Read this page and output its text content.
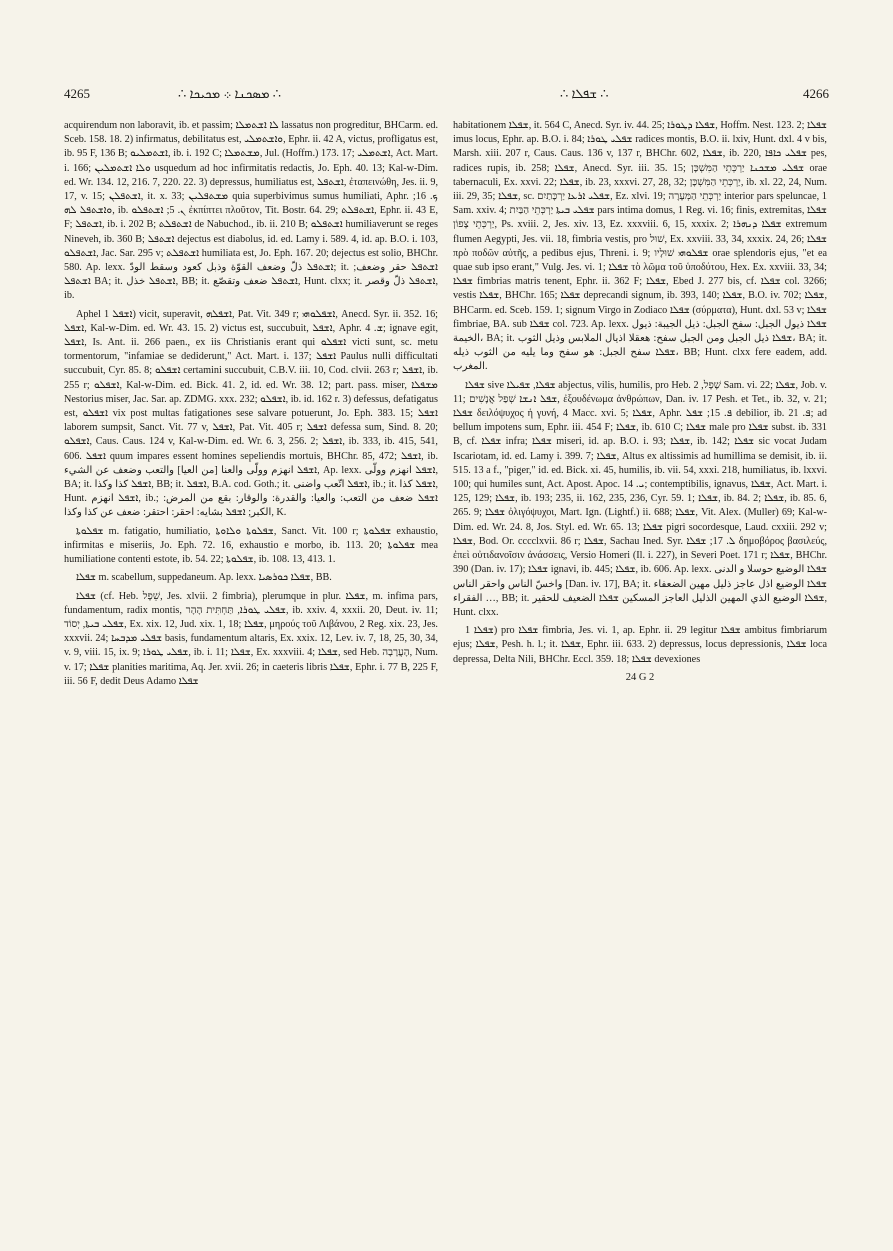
4265	∴ ܡܣܟܢܐ ܀ ܡܟܝܟܐ ∴	∴ ܫܦܠܐ ∴	4266

acquirendum non laboravit, ib. et passim; ܠܐ ܐܫܬܡܠܐ lassatus non progreditur, BHCarm. ed. Sceb. 158. 18. 2) infirmatus, debilitatus est, ܘܐܫܬܡܠܝ, Ephr. ii. 42 A, victus, profligatus est, ib. 95 F, 136 B; ܐܫܬܡܠܝܘ, ib. i. 192 C; ܡܫܬܡܠܐ, Jul. (Hoffm.) 173. 17; ܐܫܬܡܠܝ, Act. Mart. i. 166; ܘܠܐ ܐܫܬܡܠܝܢ usquedum ad hoc infirmitatis redactis, Jo. Eph. 40. 13; Kal-w-Dim. ed. Wr. 134. 12, 216. 7, 220. 22. 3) depressus, humiliatus est, ܐܫܬܦܠ, ἐταπεινώθη, Jes. ii. 9, 17, v. 15; ܐܫܬܦܠܢ, it. x. 33; ܡܫܬܦܠܝܢ quia superbivimus sumus humiliati, Aphr. ܟ. 16; ܘܐܫܬܦܠ ܠܗ, ib. ܢ. 5; ܐܫܬܦܠܘ ἐκπίπτει πλοῦτον, Tit. Bostr. 64. 29; ܐܫܬܦܠܬ, Ephr. ii. 43 E, F; ܐܫܬܦܠ, ib. i. 202 B; ܐܫܬܦܠܬ de Nabuchod., ib. ii. 210 B; ܐܫܬܦܠܘ humiliaverunt se reges Nineveh, ib. 360 B; ܐܫܬܦܠ dejectus est diabolus, id. ed. Lamy i. 589. 4, id. ap. B.O. i. 103, ܐܫܬܦܠܘ, Jac. Sar. 295 v; ܐܫܬܦܠܬ humiliata est, Jo. Eph. 167. 20; dejectus est solio, BHChr. 580. Ap. lexx. ܐܫܬܦܠ ذلّ وضعف القوّة وذبل كعود وسقط الودّ; it. ܐܫܬܦܠ حقر وضعف; ܐܫܬܦܠ BA; it. ܐܫܬܦܠ خذل, BB; it. ܐܫܬܦܠ ضعف وتقصّع, Hunt. clxx; it. ܐܫܬܦܠ ذلّ وقصر, ib.

Aphel ܐܫܦܠ 1) vicit, superavit, ܐܫܦܠܗ, Pat. Vit. 349 r; ܐܫܦܠܘܗܝ, Anecd. Syr. ii. 352. 16; ܐܫܦܠ, Kal-w-Dim. ed. Wr. 43. 15. 2) victus est, succubuit, ܐܫܦܠ, Aphr. ܫ. 4; ignave egit, ܐܫܦܠ, Is. Ant. ii. 266 paen., ex iis Christianis erant qui ܐܫܦܠܘ victi sunt, sc. metu tormentorum, "infamiae se dediderunt," Act. Mart. i. 137; ܐܫܦܠ Paulus nulli difficultati succubuit, Cyr. 85. 8; ܐܫܦܠܘ certamini succubuit, C.B.V. iii. 10, Cod. clvii. 263 r; ܐܫܦܠ, ib. 255 r; ܐܫܦܠܘ, Kal-w-Dim. ed. Bick. 41. 2, id. ed. Wr. 38. 12; part. pass. miser, ܡܫܦܠܐ Nestorius miser, Jac. Sar. ap. ZDMG. xxx. 232; ܐܫܦܠܘ, ib. id. 162 r. 3) defessus, defatigatus est, ܐܫܦܠܘ vix post multas fatigationes sese salvare potuerunt, Jo. Eph. 383. 15; ܐܫܦܠ laborem sumpsit, Sanct. Vit. 77 v, ܐܫܦܠ, Pat. Vit. 405 r; ܐܫܦܠ defessa sum, Sind. 8. 20; ܐܫܦܠܘ, Caus. Caus. 124 v, Kal-w-Dim. ed. Wr. 6. 3, 256. 2; ܐܫܦܠ, ib. 333, ib. 415, 541, 606. ܐܫܦܠ quum impares essent homines sepeliendis mortuis, BHChr. 85, 472; ܐܫܦܠ, ib. ܐܫܦܠ انهزم وولّى والعنا [من العيا] والتعب وضعف عن الشيء, Ap. lexx. ܐܫܦܠ انهزم وولّى, BA; it. ܐܫܦܠ كذا وكذا, BB; it. ܐܫܦܠ, B.A. cod. Goth.; it. ܐܫܦܠ اتّعب واضنى, ib.; it. ܐܫܦܠ كذا, Hunt. ܐܫܦܠ انهزم, ib.; ܐܫܦܠ ضعف من التعب: والعيا: والقدرة: والوقار: بقع من المرض: الكبر; ܐܫܦܠ بشايه: احقر: احتقر: ضعف عن كذا وكذا, K.

ܫܦܠܘܬܐ m. fatigatio, humiliatio, ܫܦܠܘܬܐ ܘܠܐܘܬܐ, Sanct. Vit. 100 r; ܫܦܠܘܬܐ exhaustio, infirmitas e miseriis, Jo. Eph. 72. 16, exhaustio e morbo, ib. 113. 20; ܫܦܠܘܬܐ mea humiliatione contenti estote, ib. 54. 22; ܫܦܠܘܬܐ, ib. 108. 13, 413. 1.

ܫܦܠܐ m. scabellum, suppedaneum. Ap. lexx. ܫܦܠܐ ܟܘܪܣܝܐ, BB.

ܫܦܠܐ (cf. Heb. שֵׁפֶל, Jes. xlvii. 2 fimbria), plerumque in plur. ܫܦܠܐ, m. infima pars, fundamentum, radix montis, ܫܦܠܝ ܛܘܪܐ, תַּחְתִּית הָהָר, ib. xxiv. 4, xxxii. 20, Deut. iv. 11; ܫܦܠܝ ܒܝܬܐ, יְסוֹד, Ex. xix. 12, Jud. xix. 1, 18; ܫܦܠܐ, μηρούς τοῦ Λιβάνου, 2 Reg. xix. 23, Jes. xxxvii. 24; ܫܦܠܝ ܡܕܒܚܐ basis, fundamentum altaris, Ex. xxix. 12, Lev. iv. 7, 18, 25, 30, 34, v. 9, viii. 15, ix. 9; ܫܦܠܝ ܛܘܪܐ, ib. i. 11; ܫܦܠܐ, Ex. xxxviii. 4; ܫܦܠܐ, sed Heb. הָעֲרָבָה, Num. v. 17; ܫܦܠܐ planities maritima, Aq. Jer. xvii. 26; in caeteris libris ܫܦܠܐ, Ephr. i. 77 B, 225 F, iii. 56 F, dedit Deus Adamo ܫܦܠܐ

habitationem ܫܦܠܐ, it. 564 C, Anecd. Syr. iv. 44. 25; ܫܦܠܐ ܕܛܘܪܐ, Hoffm. Nest. 123. 2; ܫܦܠܐ imus locus, Ephr. ap. B.O. i. 84; ܫܦܠܝ ܛܘܪܐ radices montis, B.O. ii. lxiv, Hunt. dxl. 4 v bis, Marsh. xiii. 207 r, Caus. Caus. 136 v, 137 r, BHChr. 602, ܫܦܠܐ, ib. 220, ܫܦܠܝ ܟܐܦܐ pes, radices rupis, ib. 258; ܫܦܠܐ, Anecd. Syr. iii. 35. 15; ܫܦܠܝ ܡܫܟܢܐ יַרְכְּתֵי הַמִּשְׁכָּן orae tabernaculi, Ex. xxvi. 22; ܫܦܠܐ, ib. 23, xxxvi. 27, 28, 32; יַרְכְּתֵי הַמִּשְׁכָּן, ib. xl. 22, 24, Num. iii. 29, 35; ܫܦܠܐ, sc. ܫܦܠܝ ܐܪܥܐ יַרְכָּתַיִם, Ez. xlvi. 19; יַרְכְּתֵי הַמְּעָרָה interior pars speluncae, 1 Sam. xxiv. 4; ܫܦܠܝ ܒܝܬܐ יַרְכְּתֵי הַבַּיִת pars intima domus, 1 Reg. vi. 16; finis, extremitas, ܫܦܠܐ יַרְכְּתֵי צָפוֹן, Ps. xviii. 2, Jes. xiv. 13, Ez. xxxviii. 6, 15, xxxix. 2; ܫܦܠܐ ܕܢܗܪܐ extremum flumen Aegypti, Jes. vii. 18, fimbria vestis, pro שׁוּל, Ex. xxviii. 33, 34, xxxix. 24, 26; ܫܦܠܐ πρὸ ποδῶν αὐτῆς, a pedibus ejus, Threni. i. 9; ܫܦܠܘܗܝ שׁוּלָיו orae splendoris ejus, "et ea quae sub ipso erant," Vulg. Jes. vi. 1; ܫܦܠܐ τὸ λῶμα τοῦ ὑποδύτου, Hex. Ex. xxviii. 33, 34; ܫܦܠܐ fimbrias matris tenent, Ephr. ii. 362 F; ܫܦܠܐ, Ebed J. 277 bis, cf. ܫܦܠܐ col. 3266; vestis ܫܦܠܐ, BHChr. 165; ܫܦܠܐ deprecandi signum, ib. 393, 140; ܫܦܠܐ, B.O. iv. 702; ܫܦܠܐ, BHCarm. ed. Sceb. 159. 1; signum Virgo in Zodiaco ܫܦܠܐ (σύρματα), Hunt. dxl. 53 v; ܫܦܠܐ fimbriae, BA. sub ܫܦܠܐ col. 723. Ap. lexx. ܫܦܠܐ ذيول الجبل: سفح الجبل: ذيل الجيبة: ذيول الخيمة، BA; it. ܫܦܠܐ ذيل الجبل ومن الجبل سفح: هعقلا اذيال الملابس وذيل الثوب، BA; it. ܫܦܠܐ سفح الجبل: هو سفح وما يليه من الثوب ذيله، BB; Hunt. clxx fere eadem, add. المغرب.

ܫܦܠܐ sive ܫܦܠܐ, ܫܦܝܠܐ abjectus, vilis, humilis, pro Heb. שָׁפָל, 2 Sam. vi. 22; ܫܦܠܐ, Job. v. 11; ܫܦܠ ܐܢܫܐ שְׁפַל אֲנָשִׁים, ἐξουδένωμα ἀνθρώπων, Dan. iv. 17 Pesh. et Tet., ib. 32, v. 21; ܫܦܠܐ δειλόψυχος ἡ γυνή, 4 Macc. xvi. 5; ܫܦܠܐ, Aphr. ܦ. 15; ܫܦܠ debilior, ib. ܦ. 21; ad bellum impotens sum, Ephr. iii. 454 F; ܫܦܠܐ, ib. 610 C; ܫܦܠܐ male pro ܫܦܠܐ subst. ib. 331 B, cf. ܫܦܠܐ infra; ܫܦܠܐ miseri, id. ap. B.O. i. 93; ܫܦܠܐ, ib. 142; ܫܦܠܐ sic vocat Judam Iscariotam, id. ed. Lamy i. 399. 7; ܫܦܠܐ, Altus ex altissimis ad humillima se demisit, ib. ii. 515. 13 a f., "piger," id. ed. Bick. xi. 45, humilis, ib. vii. 54, xxxi. 218, humiliatus, ib. lxxvi. 100; qui humiles sunt, Act. Apost. Apoc. ܝ. 14; contemptibilis, ignavus, ܫܦܠܐ, Act. Mart. i. 125, 129; ܫܦܠܐ, ib. 193; 235, ii. 162, 235, 236, Cyr. 59. 1; ܫܦܠܐ, ib. 84. 2; ܫܦܠܐ, ib. 85. 6, 265. 9; ܫܦܠܐ ὀλιγόψυχοι, Mart. Ign. (Lightf.) ii. 688; ܫܦܠܐ, Vit. Alex. (Muller) 69; Kal-w-Dim. ed. Wr. 24. 8, Jos. Styl. ed. Wr. 65. 13; ܫܦܠܐ pigri socordesque, Laud. cxxiii. 292 v; ܫܦܠܐ, Bod. Or. cccclxvii. 86 r; ܫܦܠܐ, Sachau Ined. Syr. ܠ. 17; ܫܦܠܐ δημοβόρος βασιλεύς, ἐπεὶ οὐτιδανοῖσιν ἀνάσσεις, Versio Homeri (Il. i. 227), in Severi Poet. 171 r; ܫܦܠܐ, BHChr. 390 (Dan. iv. 17); ܫܦܠܐ ignavi, ib. 445; ܫܦܠܐ, ib. 606. Ap. lexx. ܫܦܠܐ الوضيع حوسلا و الدنى واخسّ الناس واحقر الناس [Dan. iv. 17], BA; it. ܫܦܠܐ الوضيع اذل عاجز ذليل مهين الضعفاء الفقراء …, BB; it. ܫܦܠܐ الوضيع الذي المهين الذليل العاجز المسكين ܫܦܠܐ الضعيف للحقير, Hunt. clxx.

ܫܦܠܐ 1) pro ܫܦܠܐ fimbria, Jes. vi. 1, ap. Ephr. ii. 29 legitur ܫܦܠܐ ambitus fimbriarum ejus; ܫܦܠܐ, Pesh. h. l.; it. ܫܦܠܐ, Ephr. iii. 633. 2) depressus, locus depressionis, ܫܦܠܐ loca depressa, Delta Nili, BHChr. Eccl. 359. 18; ܫܦܠܐ devexiones

24 G 2
